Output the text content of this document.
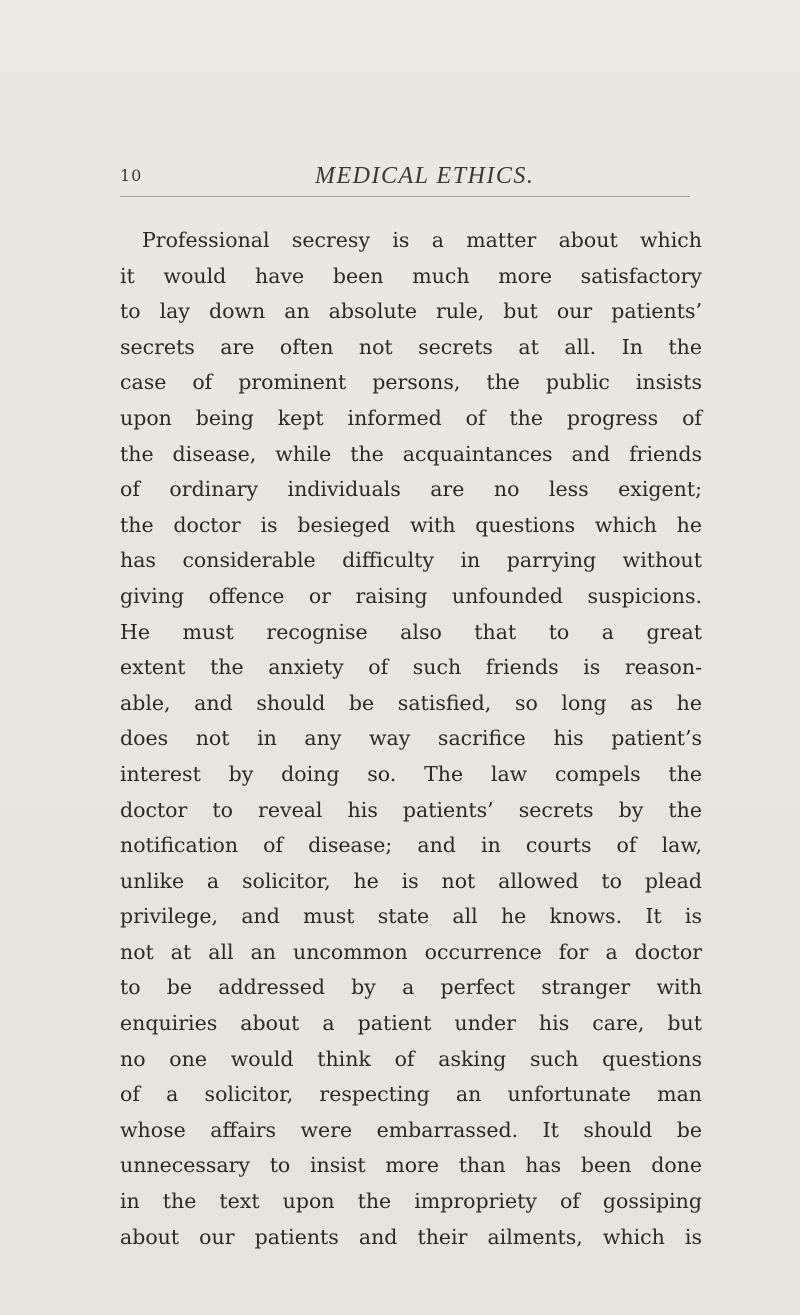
10	MEDICAL ETHICS.
Professional secresy is a matter about which
it would have been much more satisfactory
to lay down an absolute rule, but our patients’
secrets are often not secrets at all. In the
case of prominent persons, the public insists
upon being kept informed of the progress of
the disease, while the acquaintances and friends
of ordinary individuals are no less exigent;
the doctor is besieged with questions which he
has considerable difficulty in parrying without
giving offence or raising unfounded suspicions.
He must recognise also that to a great
extent the anxiety of such friends is reason-
able, and should be satisfied, so long as he
does not in any way sacrifice his patient’s
interest by doing so. The law compels the
doctor to reveal his patients’ secrets by the
notification of disease; and in courts of law,
unlike a solicitor, he is not allowed to plead
privilege, and must state all he knows. It is
not at all an uncommon occurrence for a doctor
to be addressed by a perfect stranger with
enquiries about a patient under his care, but
no one would think of asking such questions
of a solicitor, respecting an unfortunate man
whose affairs were embarrassed. It should be
unnecessary to insist more than has been done
in the text upon the impropriety of gossiping
about our patients and their ailments, which is
